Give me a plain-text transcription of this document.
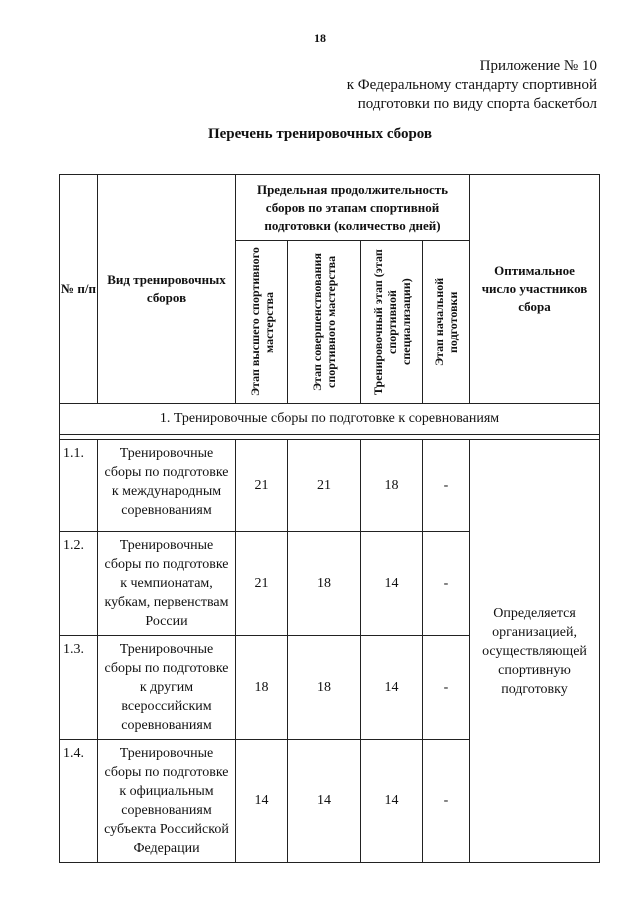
18
Приложение № 10
к Федеральному стандарту спортивной
подготовки по виду спорта баскетбол
Перечень тренировочных сборов
№ п/п	Вид тренировочных сборов	Предельная продолжительность сборов по этапам спортивной подготовки (количество дней)				Оптимальное число участников сбора

		Этап высшего спортивного мастерства	Этап совершенствования спортивного мастерства	Тренировочный этап (этап спортивной специализации)	Этап начальной подготовки	

1. Тренировочные сборы по подготовке к соревнованиям						

1.1.	Тренировочные сборы по подготовке к международным соревнованиям	21	21	18	-	Определяется организацией, осуществляющей спортивную подготовку
1.2.	Тренировочные сборы по подготовке к чемпионатам, кубкам, первенствам России	21	18	14	-	
1.3.	Тренировочные сборы по подготовке к другим всероссийским соревнованиям	18	18	14	-	
1.4.	Тренировочные сборы по подготовке к официальным соревнованиям субъекта Российской Федерации	14	14	14	-	
